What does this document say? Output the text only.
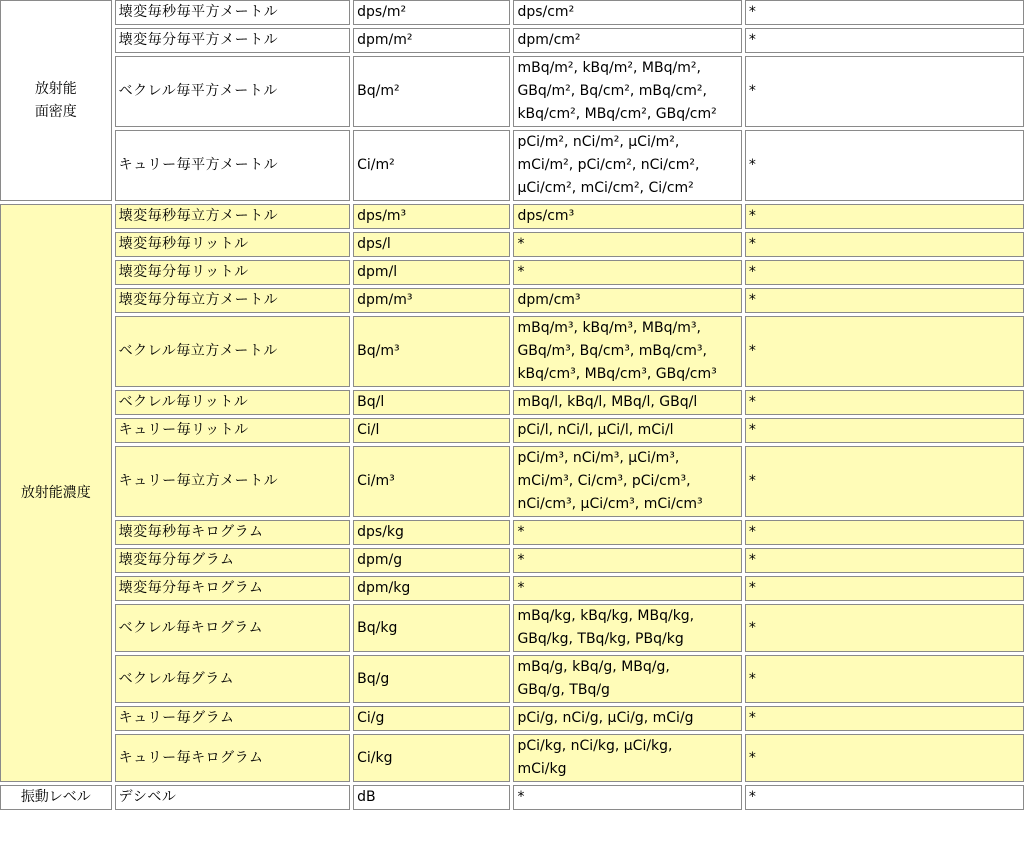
放射能
面密度	壊変毎秒毎平方メートル	dps/m²	dps/cm²	*
	壊変毎分毎平方メートル	dpm/m²	dpm/cm²	*
	ベクレル毎平方メートル	Bq/m²	mBq/m², kBq/m², MBq/m²,
GBq/m², Bq/cm², mBq/cm²,
kBq/cm², MBq/cm², GBq/cm²	*
	キュリー毎平方メートル	Ci/m²	pCi/m², nCi/m², μCi/m²,
mCi/m², pCi/cm², nCi/cm²,
μCi/cm², mCi/cm², Ci/cm²	*

放射能濃度	壊変毎秒毎立方メートル	dps/m³	dps/cm³	*
	壊変毎秒毎リットル	dps/l	*	*
	壊変毎分毎リットル	dpm/l	*	*
	壊変毎分毎立方メートル	dpm/m³	dpm/cm³	*
	ベクレル毎立方メートル	Bq/m³	mBq/m³, kBq/m³, MBq/m³,
GBq/m³, Bq/cm³, mBq/cm³,
kBq/cm³, MBq/cm³, GBq/cm³	*
	ベクレル毎リットル	Bq/l	mBq/l, kBq/l, MBq/l, GBq/l	*
	キュリー毎リットル	Ci/l	pCi/l, nCi/l, μCi/l, mCi/l	*
	キュリー毎立方メートル	Ci/m³	pCi/m³, nCi/m³, μCi/m³,
mCi/m³, Ci/cm³, pCi/cm³,
nCi/cm³, μCi/cm³, mCi/cm³	*
	壊変毎秒毎キログラム	dps/kg	*	*
	壊変毎分毎グラム	dpm/g	*	*
	壊変毎分毎キログラム	dpm/kg	*	*
	ベクレル毎キログラム	Bq/kg	mBq/kg, kBq/kg, MBq/kg,
GBq/kg, TBq/kg, PBq/kg	*
	ベクレル毎グラム	Bq/g	mBq/g, kBq/g, MBq/g,
GBq/g, TBq/g	*
	キュリー毎グラム	Ci/g	pCi/g, nCi/g, μCi/g, mCi/g	*
	キュリー毎キログラム	Ci/kg	pCi/kg, nCi/kg, μCi/kg,
mCi/kg	*

振動レベル	デシベル	dB	*	*
